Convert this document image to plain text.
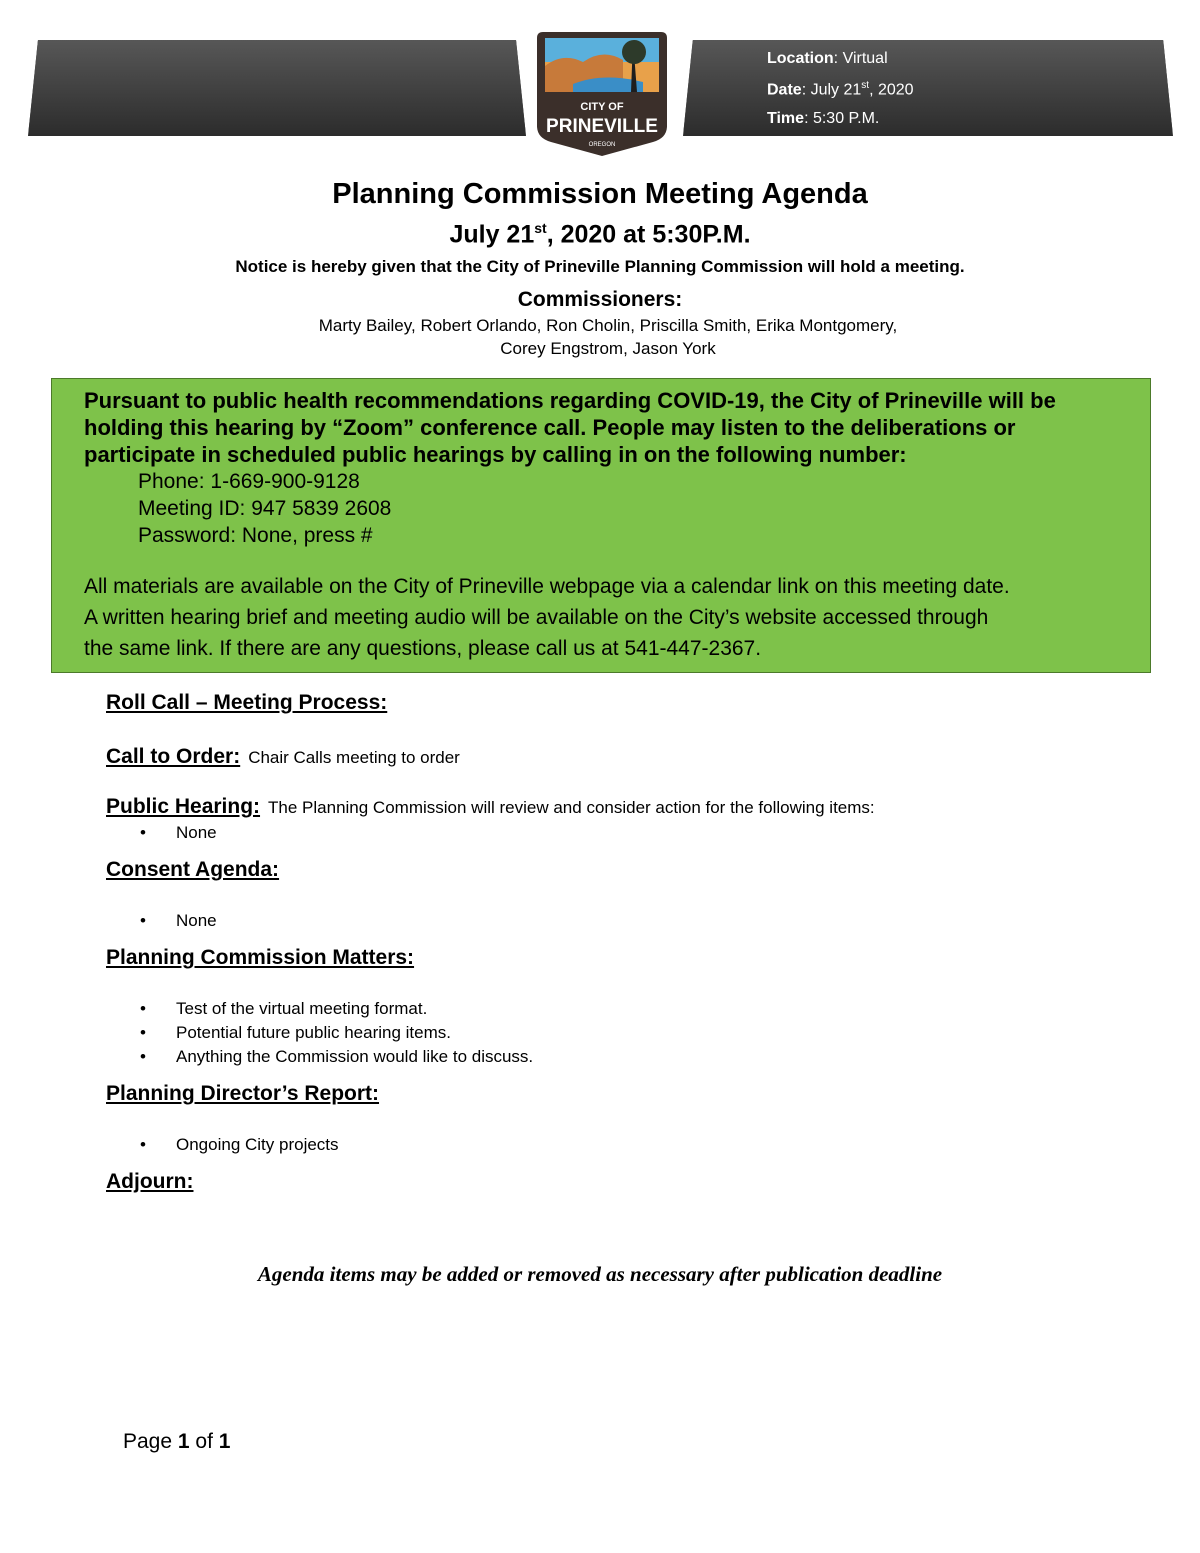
Location: Virtual
Date: July 21st, 2020
Time: 5:30 P.M.
CITY OF
PRINEVILLE
OREGON
Planning Commission Meeting Agenda
July 21st, 2020 at 5:30P.M.
Notice is hereby given that the City of Prineville Planning Commission will hold a meeting.
Commissioners:
Marty Bailey, Robert Orlando, Ron Cholin, Priscilla Smith, Erika Montgomery,
Corey Engstrom, Jason York
Pursuant to public health recommendations regarding COVID-19, the City of Prineville will be
holding this hearing by “Zoom” conference call. People may listen to the deliberations or
participate in scheduled public hearings by calling in on the following number:
Phone: 1-669-900-9128
Meeting ID: 947 5839 2608
Password: None, press #
All materials are available on the City of Prineville webpage via a calendar link on this meeting date.
A written hearing brief and meeting audio will be available on the City’s website accessed through
the same link. If there are any questions, please call us at 541-447-2367.
Roll Call – Meeting Process:
Call to Order: Chair Calls meeting to order
Public Hearing: The Planning Commission will review and consider action for the following items:
• None
Consent Agenda:
• None
Planning Commission Matters:
• Test of the virtual meeting format.
• Potential future public hearing items.
• Anything the Commission would like to discuss.
Planning Director’s Report:
• Ongoing City projects
Adjourn:
Agenda items may be added or removed as necessary after publication deadline
Page 1 of 1
